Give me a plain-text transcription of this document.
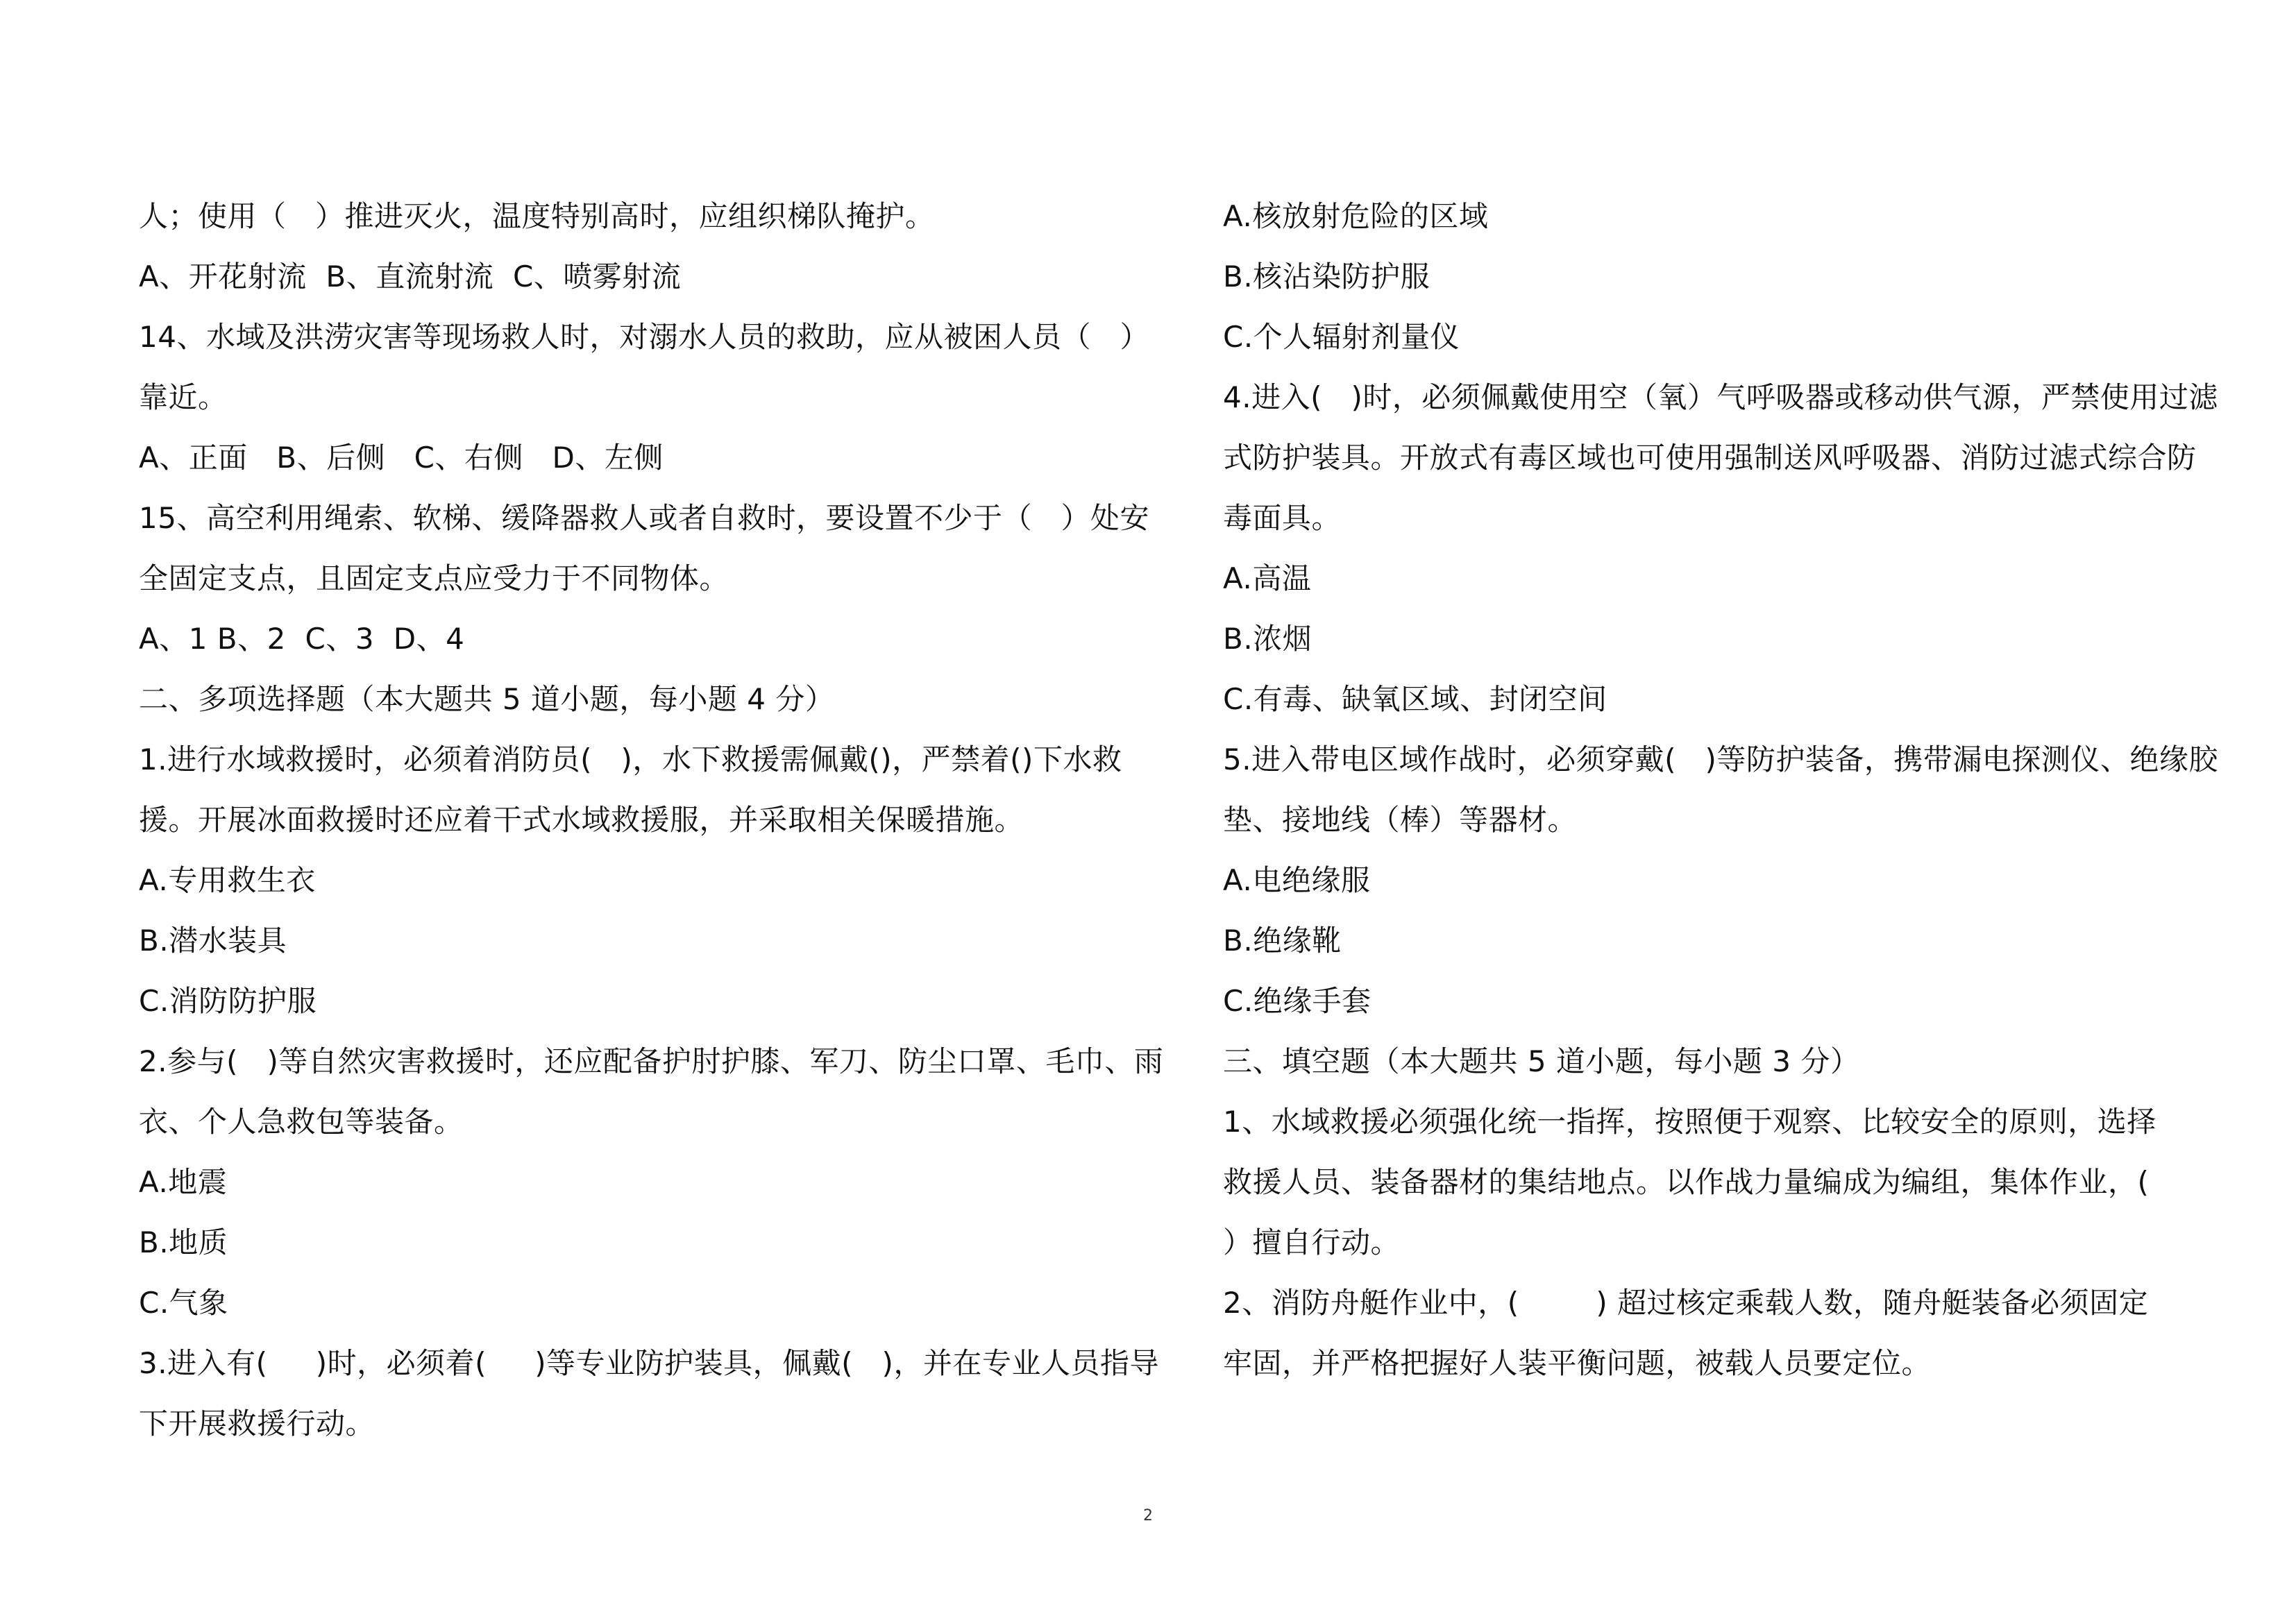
人；使用（   ）推进灭火，温度特别高时，应组织梯队掩护。
A、开花射流  B、直流射流  C、喷雾射流
14、水域及洪涝灾害等现场救人时，对溺水人员的救助，应从被困人员（   ）
靠近。
A、正面   B、后侧   C、右侧   D、左侧
15、高空利用绳索、软梯、缓降器救人或者自救时，要设置不少于（   ）处安
全固定支点，且固定支点应受力于不同物体。
A、1 B、2  C、3  D、4
二、多项选择题（本大题共 5 道小题，每小题 4 分）
1.进行水域救援时，必须着消防员(   )，水下救援需佩戴()，严禁着()下水救
援。开展冰面救援时还应着干式水域救援服，并采取相关保暖措施。
A.专用救生衣
B.潜水装具
C.消防防护服
2.参与(   )等自然灾害救援时，还应配备护肘护膝、军刀、防尘口罩、毛巾、雨
衣、个人急救包等装备。
A.地震
B.地质
C.气象
3.进入有(     )时，必须着(     )等专业防护装具，佩戴(   )，并在专业人员指导
下开展救援行动。
A.核放射危险的区域
B.核沾染防护服
C.个人辐射剂量仪
4.进入(   )时，必须佩戴使用空（氧）气呼吸器或移动供气源，严禁使用过滤
式防护装具。开放式有毒区域也可使用强制送风呼吸器、消防过滤式综合防
毒面具。
A.高温
B.浓烟
C.有毒、缺氧区域、封闭空间
5.进入带电区域作战时，必须穿戴(   )等防护装备，携带漏电探测仪、绝缘胶
垫、接地线（棒）等器材。
A.电绝缘服
B.绝缘靴
C.绝缘手套
三、填空题（本大题共 5 道小题，每小题 3 分）
1、水域救援必须强化统一指挥，按照便于观察、比较安全的原则，选择
救援人员、装备器材的集结地点。以作战力量编成为编组，集体作业，(
）擅自行动。
2、消防舟艇作业中，(        ) 超过核定乘载人数，随舟艇装备必须固定
牢固，并严格把握好人装平衡问题，被载人员要定位。
2
